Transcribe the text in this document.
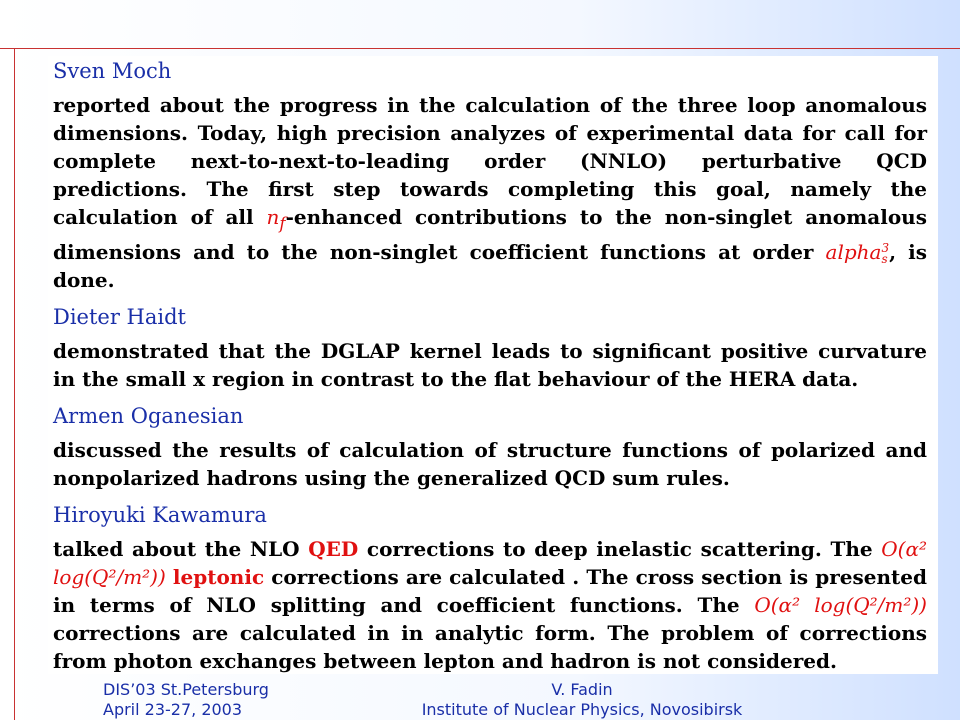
Sven Moch

reported about the progress in the calculation of the three loop anomalous dimensions. Today, high precision analyzes of experimental data for call for complete next-to-next-to-leading order (NNLO) perturbative QCD predictions. The first step towards completing this goal, namely the calculation of all $n_f$-enhanced contributions to the non-singlet anomalous dimensions and to the non-singlet coefficient functions at order alpha 3
s , is done.

Dieter Haidt

demonstrated that the DGLAP kernel leads to significant positive curvature in the small x region in contrast to the flat behaviour of the HERA data.

Armen Oganesian

discussed the results of calculation of structure functions of polarized and nonpolarized hadrons using the generalized QCD sum rules.

Hiroyuki Kawamura

talked about the NLO QED corrections to deep inelastic scattering. The O(α² log(Q²/m²)) leptonic corrections are calculated . The cross section is presented in terms of NLO splitting and coefficient functions. The O(α² log(Q²/m²)) corrections are calculated in in analytic form. The problem of corrections from photon exchanges between lepton and hadron is not considered.

DIS’03 St.Petersburg
April 23-27, 2003
V. Fadin
Institute of Nuclear Physics, Novosibirsk
